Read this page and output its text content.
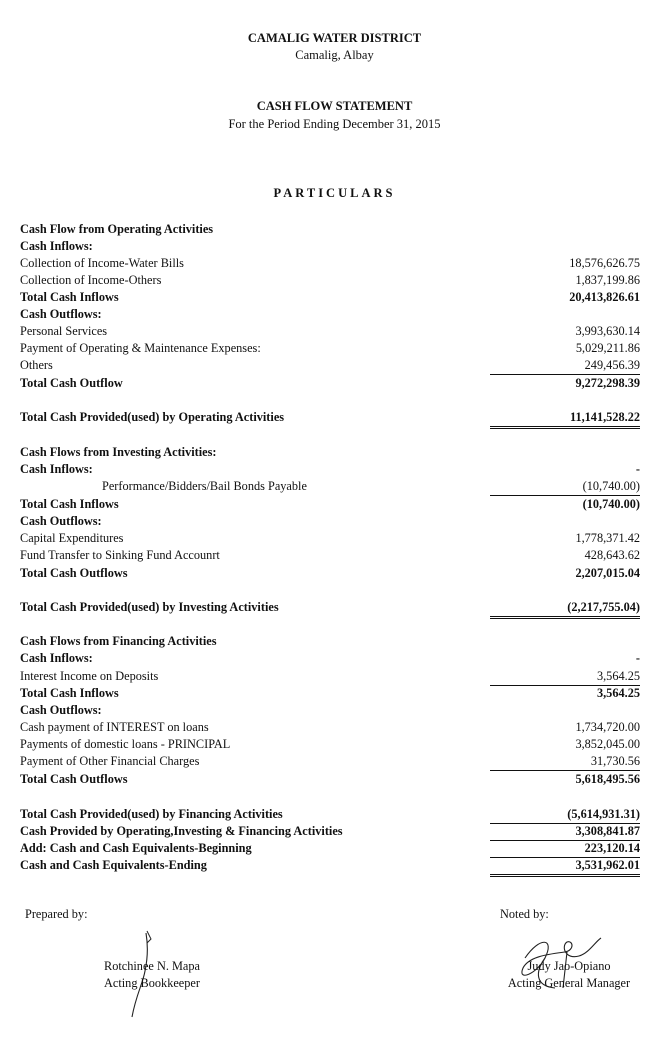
CAMALIG WATER DISTRICT
Camalig, Albay
CASH FLOW STATEMENT
For the Period Ending December 31, 2015
PARTICULARS
Cash Flow from Operating Activities
Cash Inflows:
Collection of Income-Water Bills	18,576,626.75
Collection of Income-Others	1,837,199.86
Total Cash Inflows	20,413,826.61
Cash Outflows:
Personal Services	3,993,630.14
Payment of Operating & Maintenance Expenses:	5,029,211.86
Others	249,456.39
Total Cash Outflow	9,272,298.39
Total Cash Provided(used) by Operating Activities	11,141,528.22
Cash Flows from Investing Activities:
Cash Inflows:	-
Performance/Bidders/Bail Bonds Payable	(10,740.00)
Total Cash Inflows	(10,740.00)
Cash Outflows:
Capital Expenditures	1,778,371.42
Fund Transfer to Sinking Fund Accounrt	428,643.62
Total Cash Outflows	2,207,015.04
Total Cash Provided(used) by Investing Activities	(2,217,755.04)
Cash Flows from Financing Activities
Cash Inflows:	-
Interest Income on Deposits	3,564.25
Total Cash Inflows	3,564.25
Cash Outflows:
Cash payment of INTEREST on loans	1,734,720.00
Payments of domestic loans - PRINCIPAL	3,852,045.00
Payment of Other Financial Charges	31,730.56
Total Cash Outflows	5,618,495.56
Total Cash Provided(used) by Financing Activities	(5,614,931.31)
Cash Provided by Operating,Investing & Financing Activities	3,308,841.87
Add: Cash and Cash Equivalents-Beginning	223,120.14
Cash and Cash Equivalents-Ending	3,531,962.01
Prepared by:	Noted by:
Rotchinee N. Mapa
Acting Bookkeeper
Judy Jao-Opiano
Acting General Manager
